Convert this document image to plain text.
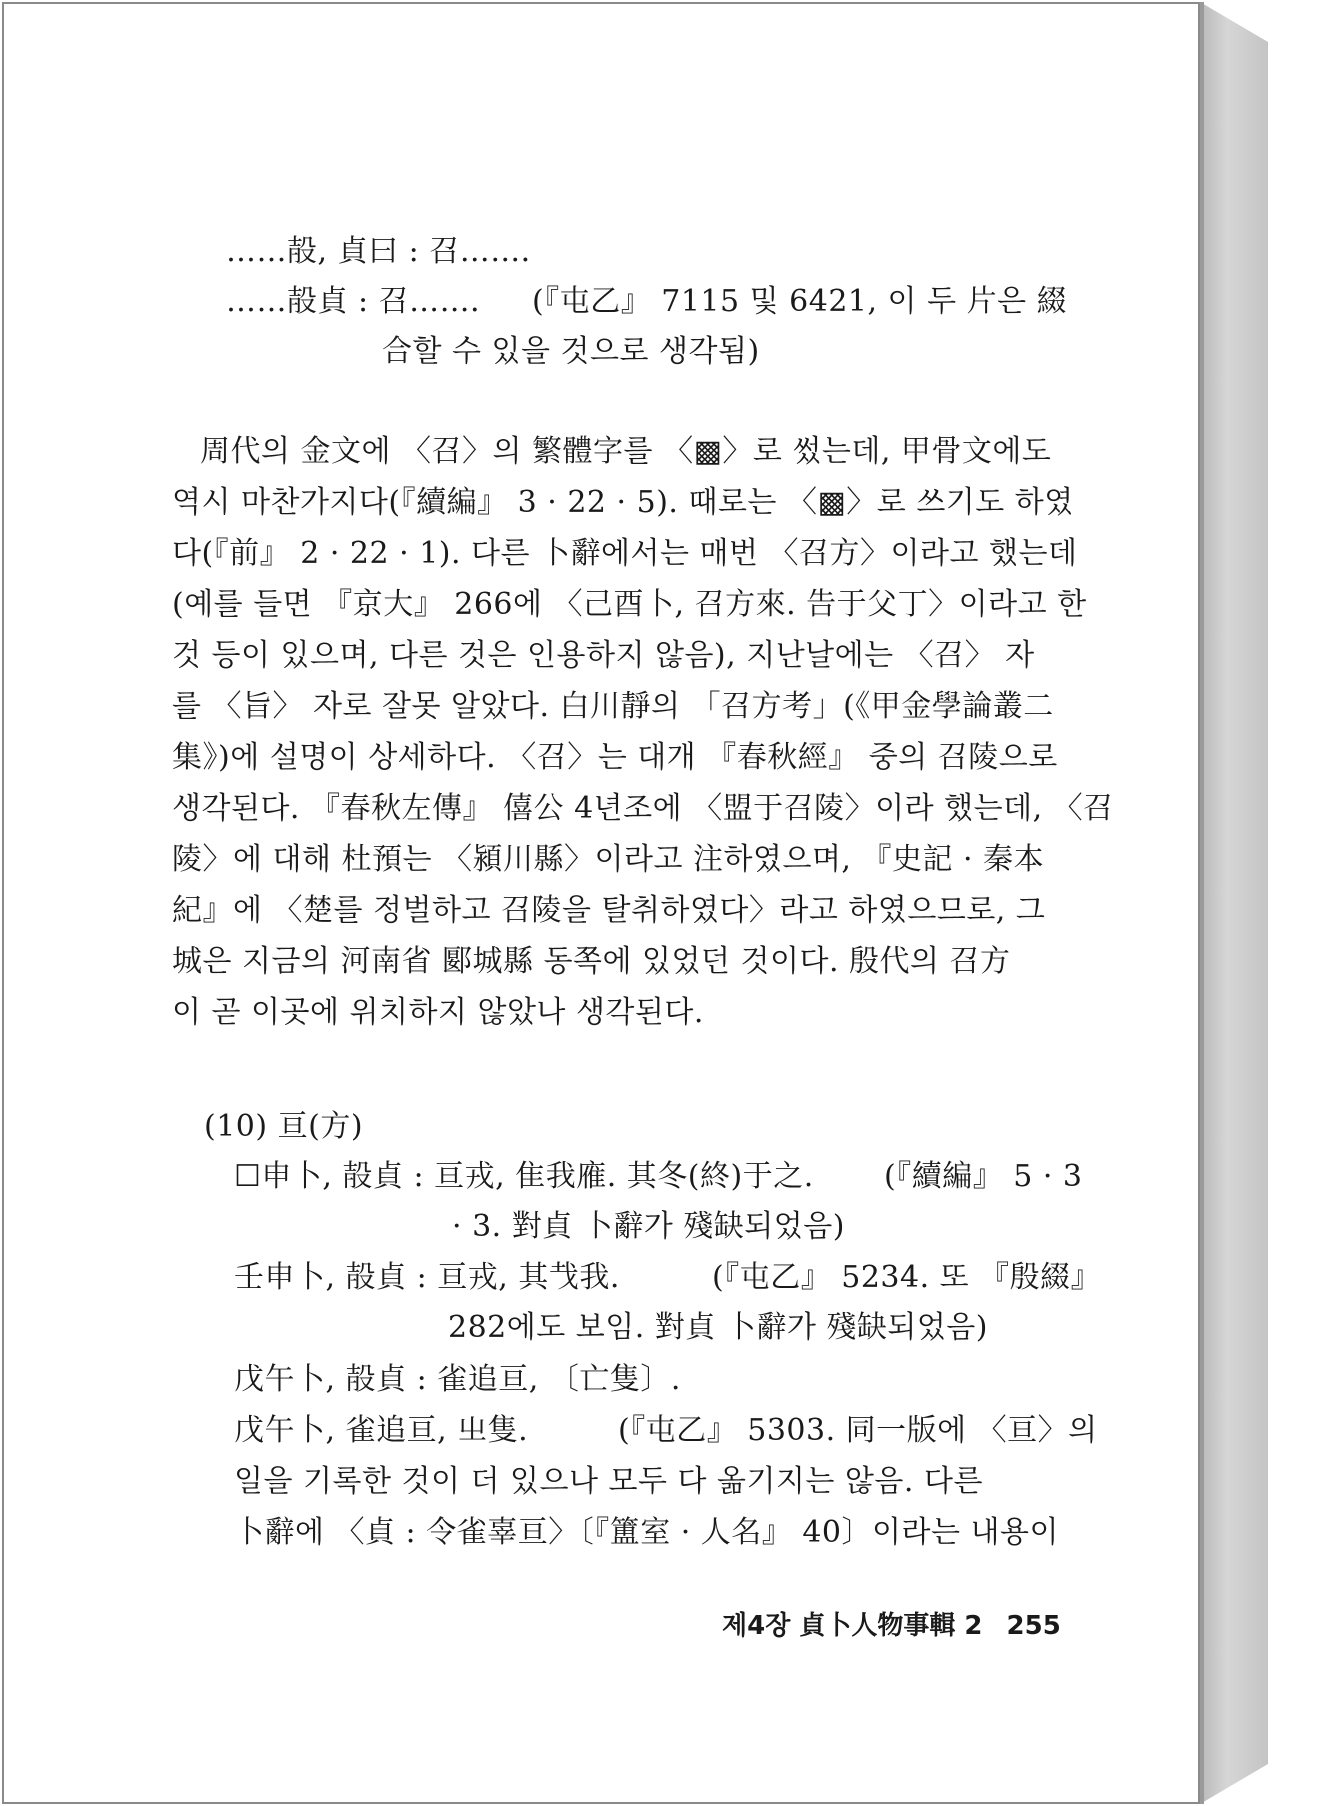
……㱿, 貞曰 : 召……．
……㱿貞 : 召……． (『屯乙』 7115 및 6421, 이 두 片은 綴
合할 수 있을 것으로 생각됨)
周代의 金文에 〈召〉의 繁體字를 〈▩〉로 썼는데, 甲骨文에도
역시 마찬가지다(『續編』 3 · 22 · 5). 때로는 〈▩〉로 쓰기도 하였
다(『前』 2 · 22 · 1). 다른 卜辭에서는 매번 〈召方〉이라고 했는데
(예를 들면 『京大』 266에 〈己酉卜, 召方來. 告于父丁〉이라고 한
것 등이 있으며, 다른 것은 인용하지 않음), 지난날에는 〈召〉 자
를 〈旨〉 자로 잘못 알았다. 白川靜의 「召方考」(《甲金學論叢二
集》)에 설명이 상세하다. 〈召〉는 대개 『春秋經』 중의 召陵으로
생각된다. 『春秋左傳』 僖公 4년조에 〈盟于召陵〉이라 했는데, 〈召
陵〉에 대해 杜預는 〈潁川縣〉이라고 注하였으며, 『史記 · 秦本
紀』에 〈楚를 정벌하고 召陵을 탈취하였다〉라고 하였으므로, 그
城은 지금의 河南省 郾城縣 동쪽에 있었던 것이다. 殷代의 召方
이 곧 이곳에 위치하지 않았나 생각된다.
(10) 亘(方)
☐申卜, 㱿貞 : 亘戎, 隹我䧹. 其冬(終)于之. (『續編』 5 · 3
· 3. 對貞 卜辭가 殘缺되었음)
壬申卜, 㱿貞 : 亘戎, 其𢦏我.	(『屯乙』 5234. 또 『殷綴』
282에도 보임. 對貞 卜辭가 殘缺되었음)
戊午卜, 㱿貞 : 雀追亘, 〔亡隻〕.
戊午卜, 雀追亘, 㞢隻.	(『屯乙』 5303. 同一版에 〈亘〉의
일을 기록한 것이 더 있으나 모두 다 옮기지는 않음. 다른
卜辭에 〈貞 : 令雀辜亘〉〔『簠室 · 人名』 40〕이라는 내용이
제4장 貞卜人物事輯 2 255
